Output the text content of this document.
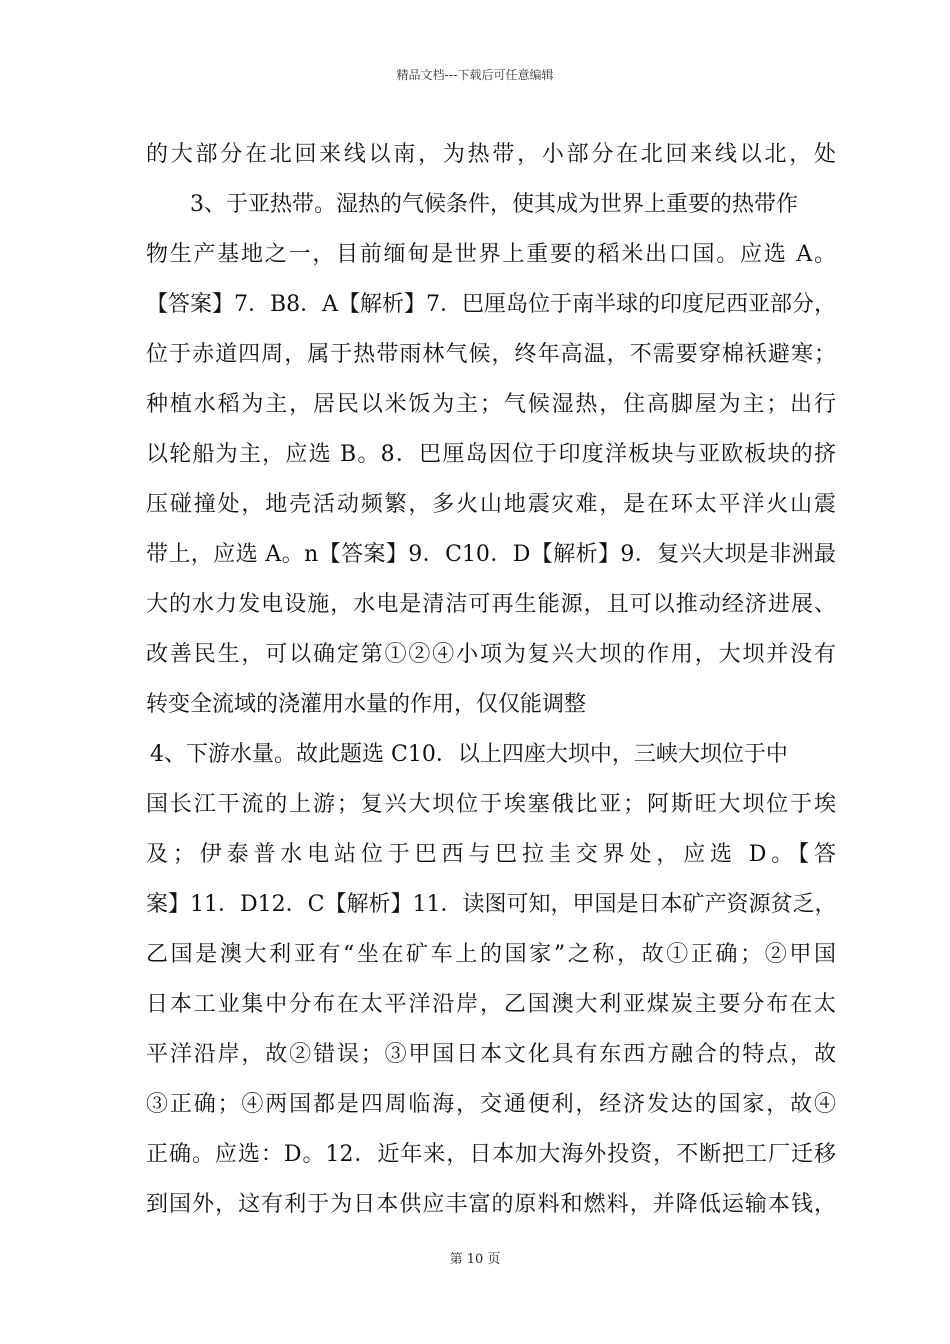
精品文档---下载后可任意编辑
的大部分在北回来线以南，为热带，小部分在北回来线以北，处
3、于亚热带。湿热的气候条件，使其成为世界上重要的热带作
物生产基地之一，目前缅甸是世界上重要的稻米出口国。应选 A。
【答案】7．B8．A【解析】7．巴厘岛位于南半球的印度尼西亚部分，
位于赤道四周，属于热带雨林气候，终年高温，不需要穿棉袄避寒；
种植水稻为主，居民以米饭为主；气候湿热，住高脚屋为主；出行
以轮船为主，应选 B。8．巴厘岛因位于印度洋板块与亚欧板块的挤
压碰撞处，地壳活动频繁，多火山地震灾难，是在环太平洋火山震
带上，应选 A。n【答案】9．C10．D【解析】9．复兴大坝是非洲最
大的水力发电设施，水电是清洁可再生能源，且可以推动经济进展、
改善民生，可以确定第①②④小项为复兴大坝的作用，大坝并没有
转变全流域的浇灌用水量的作用，仅仅能调整
4、下游水量。故此题选 C10．以上四座大坝中，三峡大坝位于中
国长江干流的上游；复兴大坝位于埃塞俄比亚；阿斯旺大坝位于埃
及；伊泰普水电站位于巴西与巴拉圭交界处，应选 D。【答
案】11．D12．C【解析】11．读图可知，甲国是日本矿产资源贫乏，
乙国是澳大利亚有“坐在矿车上的国家”之称，故①正确；②甲国
日本工业集中分布在太平洋沿岸，乙国澳大利亚煤炭主要分布在太
平洋沿岸，故②错误；③甲国日本文化具有东西方融合的特点，故
③正确；④两国都是四周临海，交通便利，经济发达的国家，故④
正确。应选：D。12．近年来，日本加大海外投资，不断把工厂迁移
到国外，这有利于为日本供应丰富的原料和燃料，并降低运输本钱，
第 10 页
